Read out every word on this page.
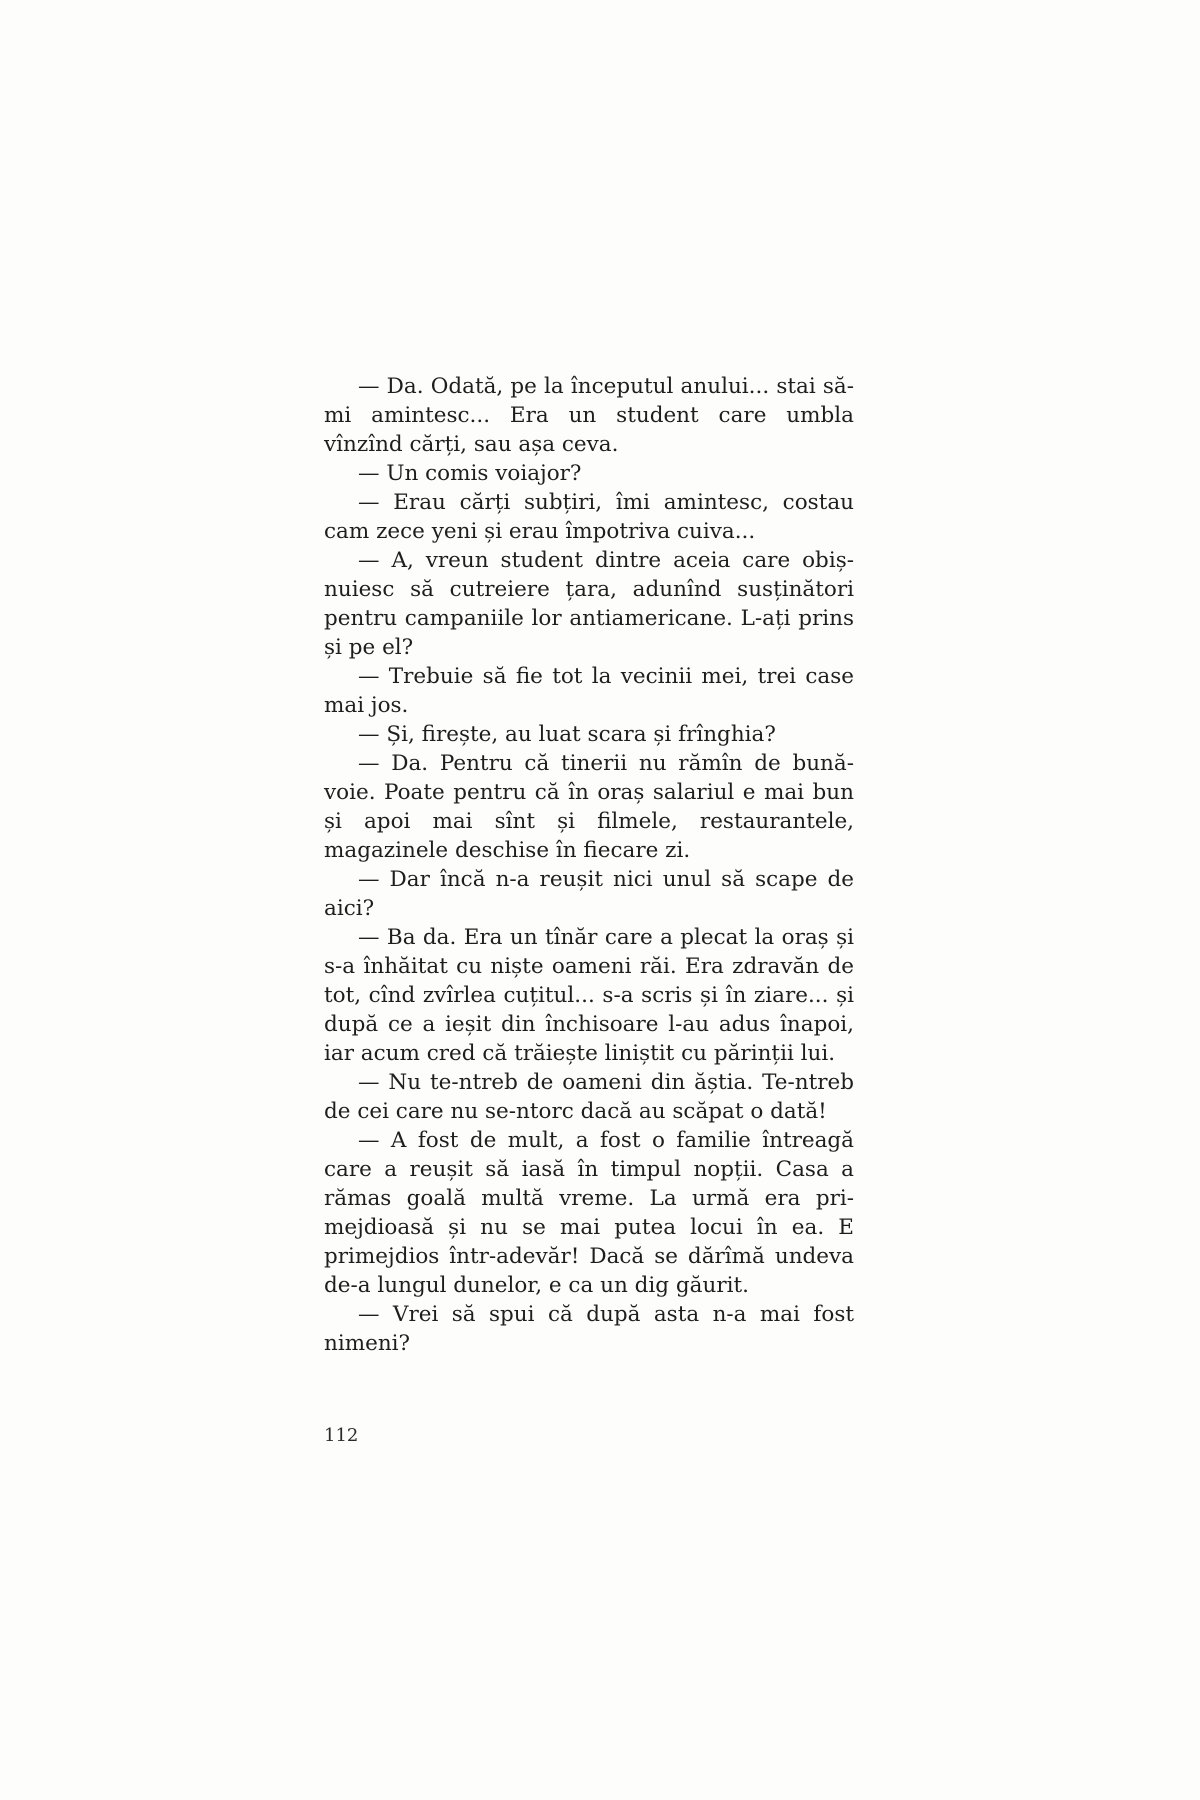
— Da. Odată, pe la începutul anului... stai să-mi amintesc... Era un student care umbla vînzînd cărți, sau așa ceva.

— Un comis voiajor?

— Erau cărți subțiri, îmi amintesc, costau cam zece yeni și erau împotriva cuiva...

— A, vreun student dintre aceia care obișnuiesc să cutreiere țara, adunînd susținători pentru campaniile lor antiamericane. L-ați prins și pe el?

— Trebuie să fie tot la vecinii mei, trei case mai jos.

— Și, firește, au luat scara și frînghia?

— Da. Pentru că tinerii nu rămîn de bunăvoie. Poate pentru că în oraș salariul e mai bun și apoi mai sînt și filmele, restaurantele, magazinele deschise în fiecare zi.

— Dar încă n-a reușit nici unul să scape de aici?

— Ba da. Era un tînăr care a plecat la oraș și s-a înhăitat cu niște oameni răi. Era zdravăn de tot, cînd zvîrlea cuțitul... s-a scris și în ziare... și după ce a ieșit din închisoare l-au adus înapoi, iar acum cred că trăiește liniștit cu părinții lui.

— Nu te-ntreb de oameni din ăștia. Te-ntreb de cei care nu se-ntorc dacă au scăpat o dată!

— A fost de mult, a fost o familie întreagă care a reușit să iasă în timpul nopții. Casa a rămas goală multă vreme. La urmă era primejdioasă și nu se mai putea locui în ea. E primejdios într-adevăr! Dacă se dărîmă undeva de-a lungul dunelor, e ca un dig găurit.

— Vrei să spui că după asta n-a mai fost nimeni?

112
